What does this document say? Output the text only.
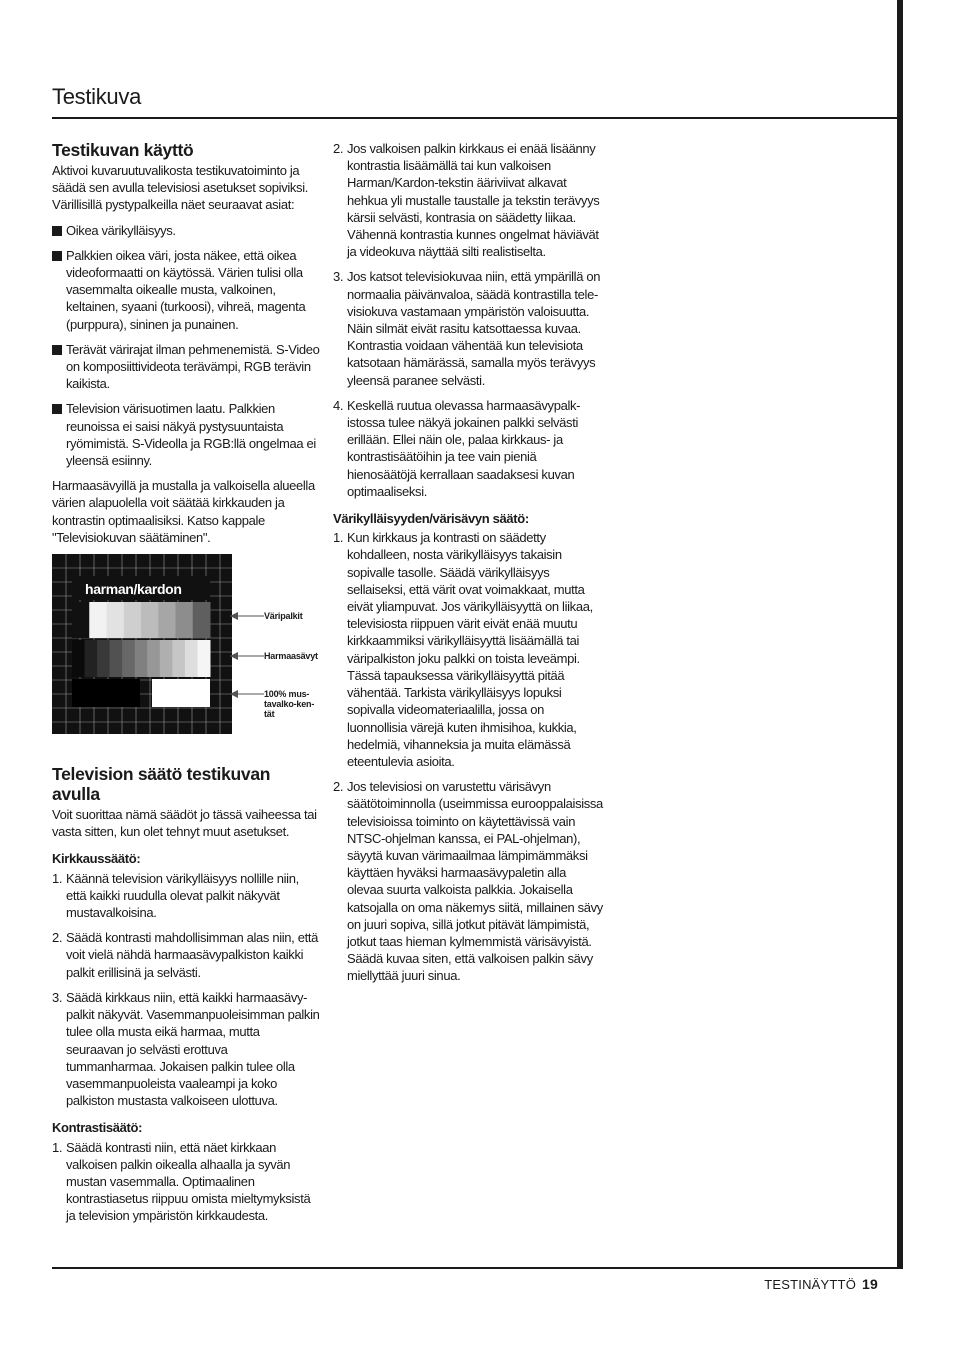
Testikuva
Testikuvan käyttö

Aktivoi kuvaruutuvalikosta testikuvatoiminto ja säädä sen avulla televisiosi asetukset sopiviksi. Värillisillä pystypalkeilla näet seuraavat asiat:

Oikea värikylläisyys.
Palkkien oikea väri, josta näkee, että oikea videoformaatti on käytössä. Värien tulisi olla vasemmalta oikealle musta, valkoinen, keltainen, syaani (turkoosi), vihreä, magenta (purppura), sininen ja punainen.
Terävät värirajat ilman pehmenemistä. S-Video on komposiittivideota terävämpi, RGB terävin kaikista.
Television värisuotimen laatu. Palkkien reunoissa ei saisi näkyä pystysuuntaista ryömimistä. S-Videolla ja RGB:llä ongelmaa ei yleensä esiinny.

Harmaasävyillä ja mustalla ja valkoisella alueella värien alapuolella voit säätää kirkkauden ja kontrastin optimaalisiksi. Katso kappale "Televisiokuvan säätäminen".

harman/kardon
Väripalkit
Harmaasävyt
100% mus-
tavalko-ken-
tät
Television säätö testikuvan avulla

Voit suorittaa nämä säädöt jo tässä vaiheessa tai vasta sitten, kun olet tehnyt muut asetukset.

Kirkkaussäätö:
1. Käännä television värikylläisyys nollille niin, että kaikki ruudulla olevat palkit näkyvät mustavalkoisina.
2. Säädä kontrasti mahdollisimman alas niin, että voit vielä nähdä harmaasävypalkiston kaikki palkit erillisinä ja selvästi.
3. Säädä kirkkaus niin, että kaikki harmaasävy-palkit näkyvät. Vasemmanpuoleisimman palkin tulee olla musta eikä harmaa, mutta seuraavan jo selvästi erottuva tummanharmaa. Jokaisen palkin tulee olla vasemmanpuoleista vaaleampi ja koko palkiston mustasta valkoiseen ulottuva.
Kontrastisäätö:
1. Säädä kontrasti niin, että näet kirkkaan valkoisen palkin oikealla alhaalla ja syvän mustan vasemmalla. Optimaalinen kontrastiasetus riippuu omista mieltymyksistä ja television ympäristön kirkkaudesta.
2. Jos valkoisen palkin kirkkaus ei enää lisäänny kontrastia lisäämällä tai kun valkoisen Harman/Kardon-tekstin ääriviivat alkavat hehkua yli mustalle taustalle ja tekstin terävyys kärsii selvästi, kontrasia on säädetty liikaa. Vähennä kontrastia kunnes ongelmat häviävät ja videokuva näyttää silti realistiselta.
3. Jos katsot televisiokuvaa niin, että ympärillä on normaalia päivänvaloa, säädä kontrastilla tele-visiokuva vastamaan ympäristön valoisuutta. Näin silmät eivät rasitu katsottaessa kuvaa. Kontrastia voidaan vähentää kun televisiota katsotaan hämärässä, samalla myös terävyys yleensä paranee selvästi.
4. Keskellä ruutua olevassa harmaasävypalk-istossa tulee näkyä jokainen palkki selvästi erillään. Ellei näin ole, palaa kirkkaus- ja kontrastisäätöihin ja tee vain pieniä hienosäätöjä kerrallaan saadaksesi kuvan optimaaliseksi.
Värikylläisyyden/värisävyn säätö:
1. Kun kirkkaus ja kontrasti on säädetty kohdalleen, nosta värikylläisyys takaisin sopivalle tasolle. Säädä värikylläisyys sellaiseksi, että värit ovat voimakkaat, mutta eivät yliampuvat. Jos värikylläisyyttä on liikaa, televisiosta riippuen värit eivät enää muutu kirkkaammiksi värikylläisyyttä lisäämällä tai väripalkiston joku palkki on toista leveämpi. Tässä tapauksessa värikylläisyyttä pitää vähentää. Tarkista värikylläisyys lopuksi sopivalla videomateriaalilla, jossa on luonnollisia värejä kuten ihmisihoa, kukkia, hedelmiä, vihanneksia ja muita elämässä eteentulevia asioita.
2. Jos televisiosi on varustettu värisävyn säätötoiminnolla (useimmissa eurooppalaisissa televisioissa toiminto on käytettävissä vain NTSC-ohjelman kanssa, ei PAL-ohjelman), säyytä kuvan värimaailmaa lämpimämmäksi käyttäen hyväksi harmaasävypaletin alla olevaa suurta valkoista palkkia. Jokaisella katsojalla on oma näkemys siitä, millainen sävy on juuri sopiva, sillä jotkut pitävät lämpimistä, jotkut taas hieman kylmemmistä värisävyistä. Säädä kuvaa siten, että valkoisen palkin sävy miellyttää juuri sinua.
TESTINÄYTTÖ 19
